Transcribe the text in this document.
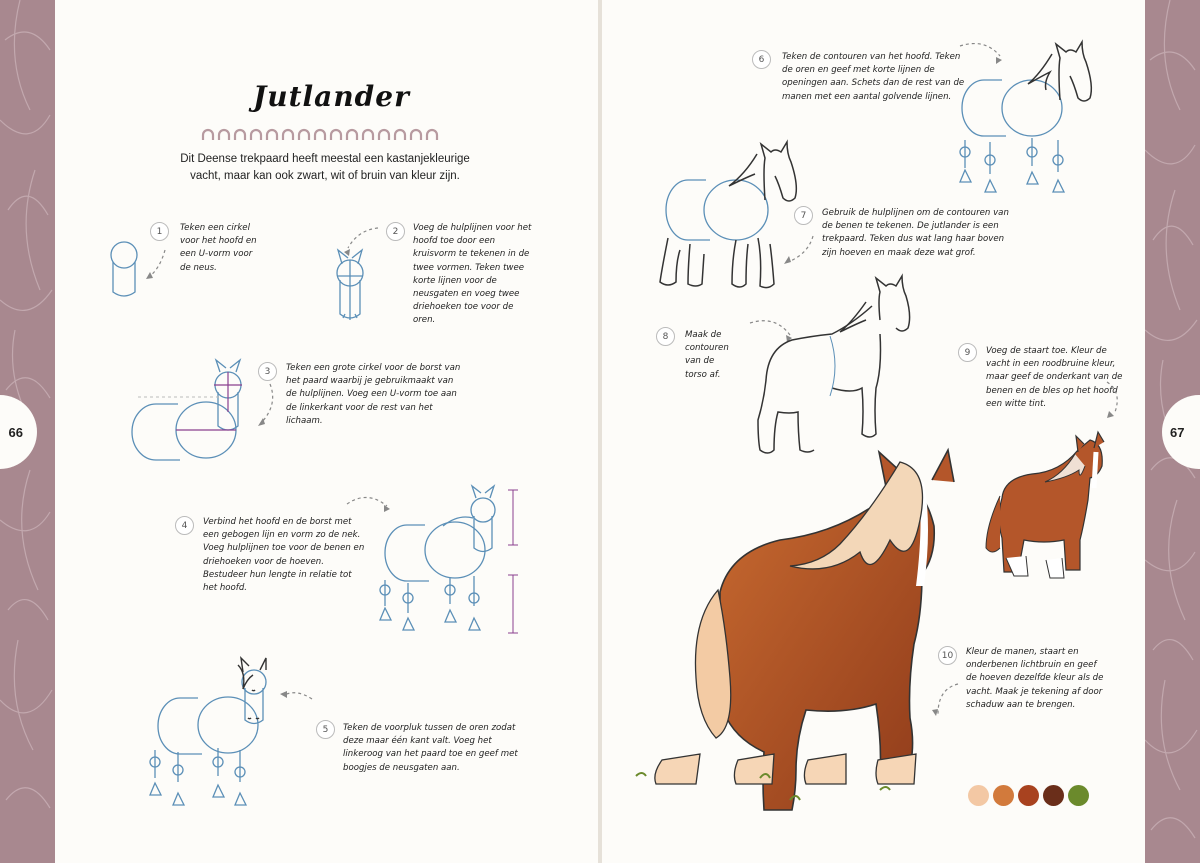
66	67
Jutlander
Dit Deense trekpaard heeft meestal een kastanjekleurige vacht, maar kan ook zwart, wit of bruin van kleur zijn.
1	Teken een cirkel voor het hoofd en een U-vorm voor de neus.
2	Voeg de hulplijnen voor het hoofd toe door een kruisvorm te tekenen in de twee vormen. Teken twee korte lijnen voor de neusgaten en voeg twee driehoeken toe voor de oren.
3	Teken een grote cirkel voor de borst van het paard waarbij je gebruikmaakt van de hulplijnen. Voeg een U-vorm toe aan de linkerkant voor de rest van het lichaam.
4	Verbind het hoofd en de borst met een gebogen lijn en vorm zo de nek. Voeg hulplijnen toe voor de benen en driehoeken voor de hoeven. Bestudeer hun lengte in relatie tot het hoofd.
5	Teken de voorpluk tussen de oren zodat deze maar één kant valt. Voeg het linkeroog van het paard toe en geef met boogjes de neusgaten aan.
6	Teken de contouren van het hoofd. Teken de oren en geef met korte lijnen de openingen aan. Schets dan de rest van de manen met een aantal golvende lijnen.
7	Gebruik de hulplijnen om de contouren van de benen te tekenen. De jutlander is een trekpaard. Teken dus wat lang haar boven zijn hoeven en maak deze wat grof.
8	Maak de contouren van de torso af.
9	Voeg de staart toe. Kleur de vacht in een roodbruine kleur, maar geef de onderkant van de benen en de bles op het hoofd een witte tint.
10	Kleur de manen, staart en onderbenen lichtbruin en geef de hoeven dezelfde kleur als de vacht. Maak je tekening af door schaduw aan te brengen.
